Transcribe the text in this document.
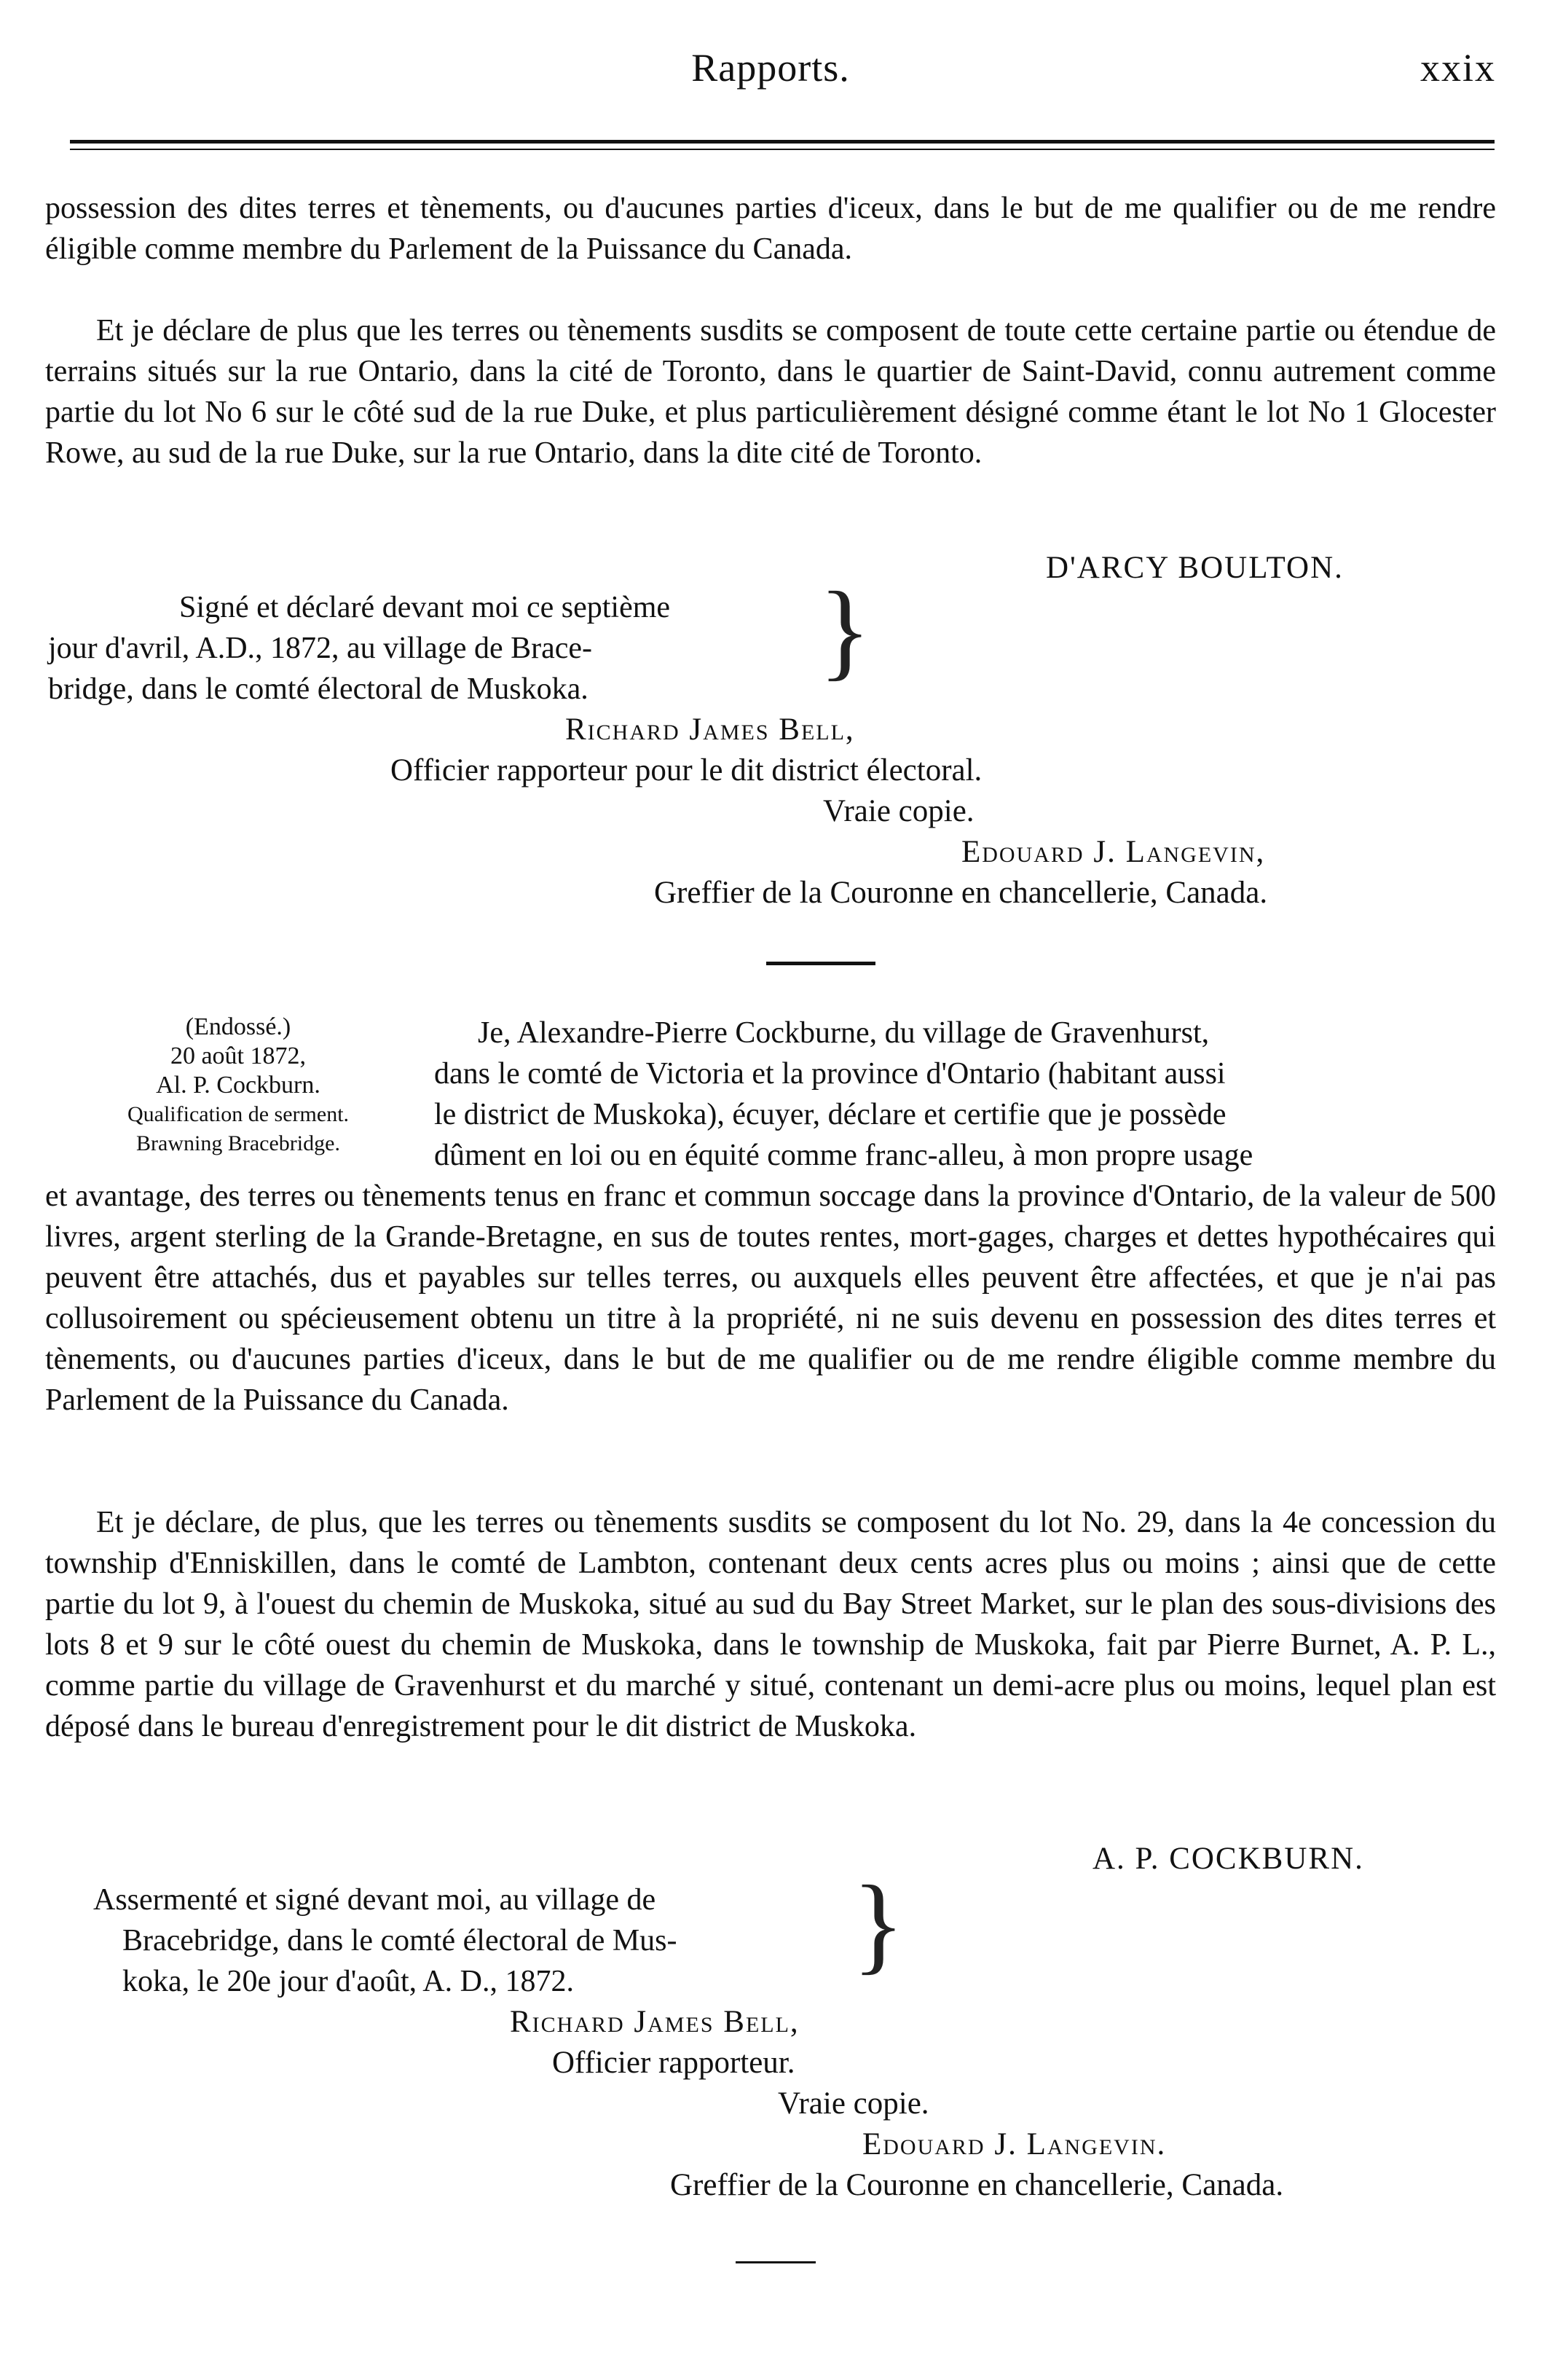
Rapports.	xxix
possession des dites terres et tènements, ou d'aucunes parties d'iceux, dans le but de me qualifier ou de me rendre éligible comme membre du Parlement de la Puissance du Canada.
Et je déclare de plus que les terres ou tènements susdits se composent de toute cette certaine partie ou étendue de terrains situés sur la rue Ontario, dans la cité de Toronto, dans le quartier de Saint-David, connu autrement comme partie du lot No 6 sur le côté sud de la rue Duke, et plus particulièrement désigné comme étant le lot No 1 Glocester Rowe, au sud de la rue Duke, sur la rue Ontario, dans la dite cité de Toronto.
D'ARCY BOULTON.
Signé et déclaré devant moi ce septième
jour d'avril, A.D., 1872, au village de Brace-
bridge, dans le comté électoral de Muskoka.	}
Richard James Bell,
Officier rapporteur pour le dit district électoral.
Vraie copie.
Edouard J. Langevin,
Greffier de la Couronne en chancellerie, Canada.
(Endossé.)
20 août 1872,
Al. P. Cockburn.
Qualification de serment.
Brawning Bracebridge.

Je, Alexandre-Pierre Cockburne, du village de Gravenhurst,

dans le comté de Victoria et la province d'Ontario (habitant aussi

le district de Muskoka), écuyer, déclare et certifie que je possède

dûment en loi ou en équité comme franc-alleu, à mon propre usage

et avantage, des terres ou tènements tenus en franc et commun soccage dans la province d'Ontario, de la valeur de 500 livres, argent sterling de la Grande-Bretagne, en sus de toutes rentes, mort-gages, charges et dettes hypothécaires qui peuvent être attachés, dus et payables sur telles terres, ou auxquels elles peuvent être affectées, et que je n'ai pas collusoirement ou spécieusement obtenu un titre à la propriété, ni ne suis devenu en possession des dites terres et tènements, ou d'aucunes parties d'iceux, dans le but de me qualifier ou de me rendre éligible comme membre du Parlement de la Puissance du Canada.
Et je déclare, de plus, que les terres ou tènements susdits se composent du lot No. 29, dans la 4e concession du township d'Enniskillen, dans le comté de Lambton, contenant deux cents acres plus ou moins ; ainsi que de cette partie du lot 9, à l'ouest du chemin de Muskoka, situé au sud du Bay Street Market, sur le plan des sous-divisions des lots 8 et 9 sur le côté ouest du chemin de Muskoka, dans le township de Muskoka, fait par Pierre Burnet, A. P. L., comme partie du village de Gravenhurst et du marché y situé, contenant un demi-acre plus ou moins, lequel plan est déposé dans le bureau d'enregistrement pour le dit district de Muskoka.
A. P. COCKBURN.
Assermenté et signé devant moi, au village de
Bracebridge, dans le comté électoral de Mus-
koka, le 20e jour d'août, A. D., 1872.	}
Richard James Bell,
Officier rapporteur.
Vraie copie.
Edouard J. Langevin.
Greffier de la Couronne en chancellerie, Canada.
